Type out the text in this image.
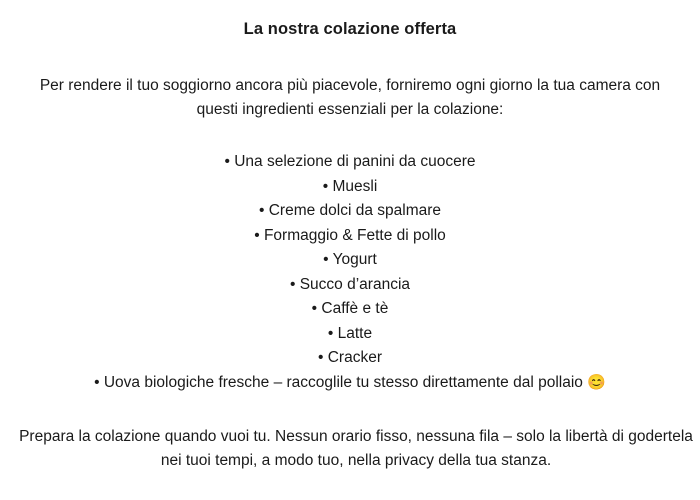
La nostra colazione offerta

Per rendere il tuo soggiorno ancora più piacevole, forniremo ogni giorno la tua camera con questi ingredienti essenziali per la colazione:

• Una selezione di panini da cuocere
• Muesli
• Creme dolci da spalmare
• Formaggio & Fette di pollo
• Yogurt
• Succo d’arancia
• Caffè e tè
• Latte
• Cracker
• Uova biologiche fresche – raccoglile tu stesso direttamente dal pollaio 😊

Prepara la colazione quando vuoi tu. Nessun orario fisso, nessuna fila – solo la libertà di godertela nei tuoi tempi, a modo tuo, nella privacy della tua stanza.
